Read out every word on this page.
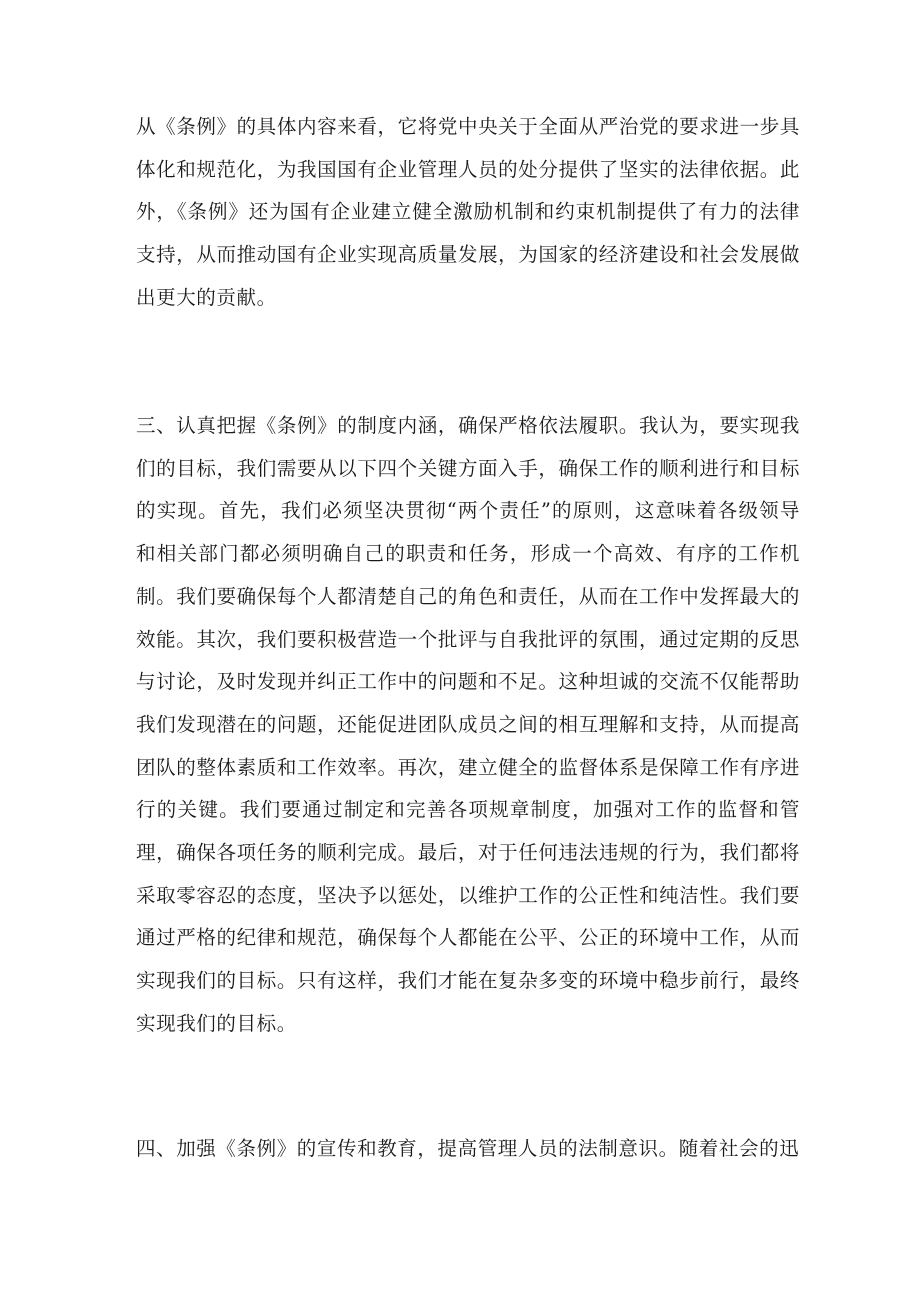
从《条例》的具体内容来看，它将党中央关于全面从严治党的要求进一步具体化和规范化，为我国国有企业管理人员的处分提供了坚实的法律依据。此外，《条例》还为国有企业建立健全激励机制和约束机制提供了有力的法律支持，从而推动国有企业实现高质量发展，为国家的经济建设和社会发展做出更大的贡献。

三、认真把握《条例》的制度内涵，确保严格依法履职。我认为，要实现我们的目标，我们需要从以下四个关键方面入手，确保工作的顺利进行和目标的实现。首先，我们必须坚决贯彻“两个责任”的原则，这意味着各级领导和相关部门都必须明确自己的职责和任务，形成一个高效、有序的工作机制。我们要确保每个人都清楚自己的角色和责任，从而在工作中发挥最大的效能。其次，我们要积极营造一个批评与自我批评的氛围，通过定期的反思与讨论，及时发现并纠正工作中的问题和不足。这种坦诚的交流不仅能帮助我们发现潜在的问题，还能促进团队成员之间的相互理解和支持，从而提高团队的整体素质和工作效率。再次，建立健全的监督体系是保障工作有序进行的关键。我们要通过制定和完善各项规章制度，加强对工作的监督和管理，确保各项任务的顺利完成。最后，对于任何违法违规的行为，我们都将采取零容忍的态度，坚决予以惩处，以维护工作的公正性和纯洁性。我们要通过严格的纪律和规范，确保每个人都能在公平、公正的环境中工作，从而实现我们的目标。只有这样，我们才能在复杂多变的环境中稳步前行，最终实现我们的目标。

四、加强《条例》的宣传和教育，提高管理人员的法制意识。随着社会的迅
